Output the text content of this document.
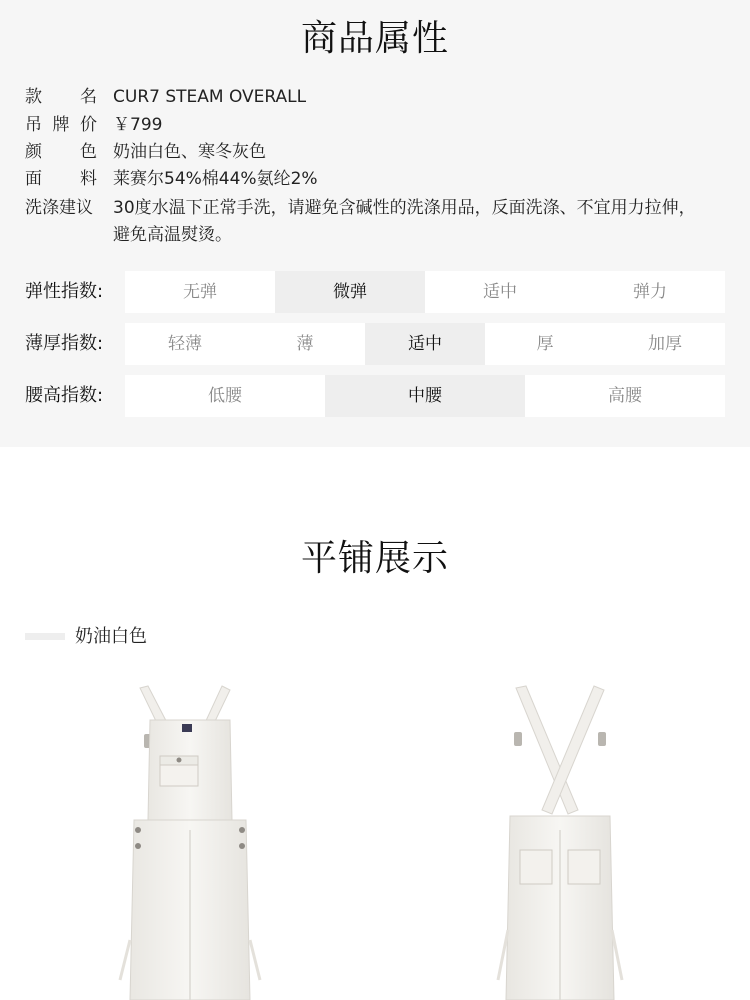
商品属性
款 名 CUR7 STEAM OVERALL
吊 牌 价 ￥799
颜 色 奶油白色、寒冬灰色
面 料 莱赛尔54%棉44%氨纶2%
洗涤建议 30度水温下正常手洗，请避免含碱性的洗涤用品，反面洗涤、不宜用力拉伸，避免高温熨烫。
弹性指数:	无弹	微弹	适中	弹力
薄厚指数:	轻薄	薄	适中	厚	加厚
腰高指数:	低腰	中腰	高腰
平铺展示
奶油白色
